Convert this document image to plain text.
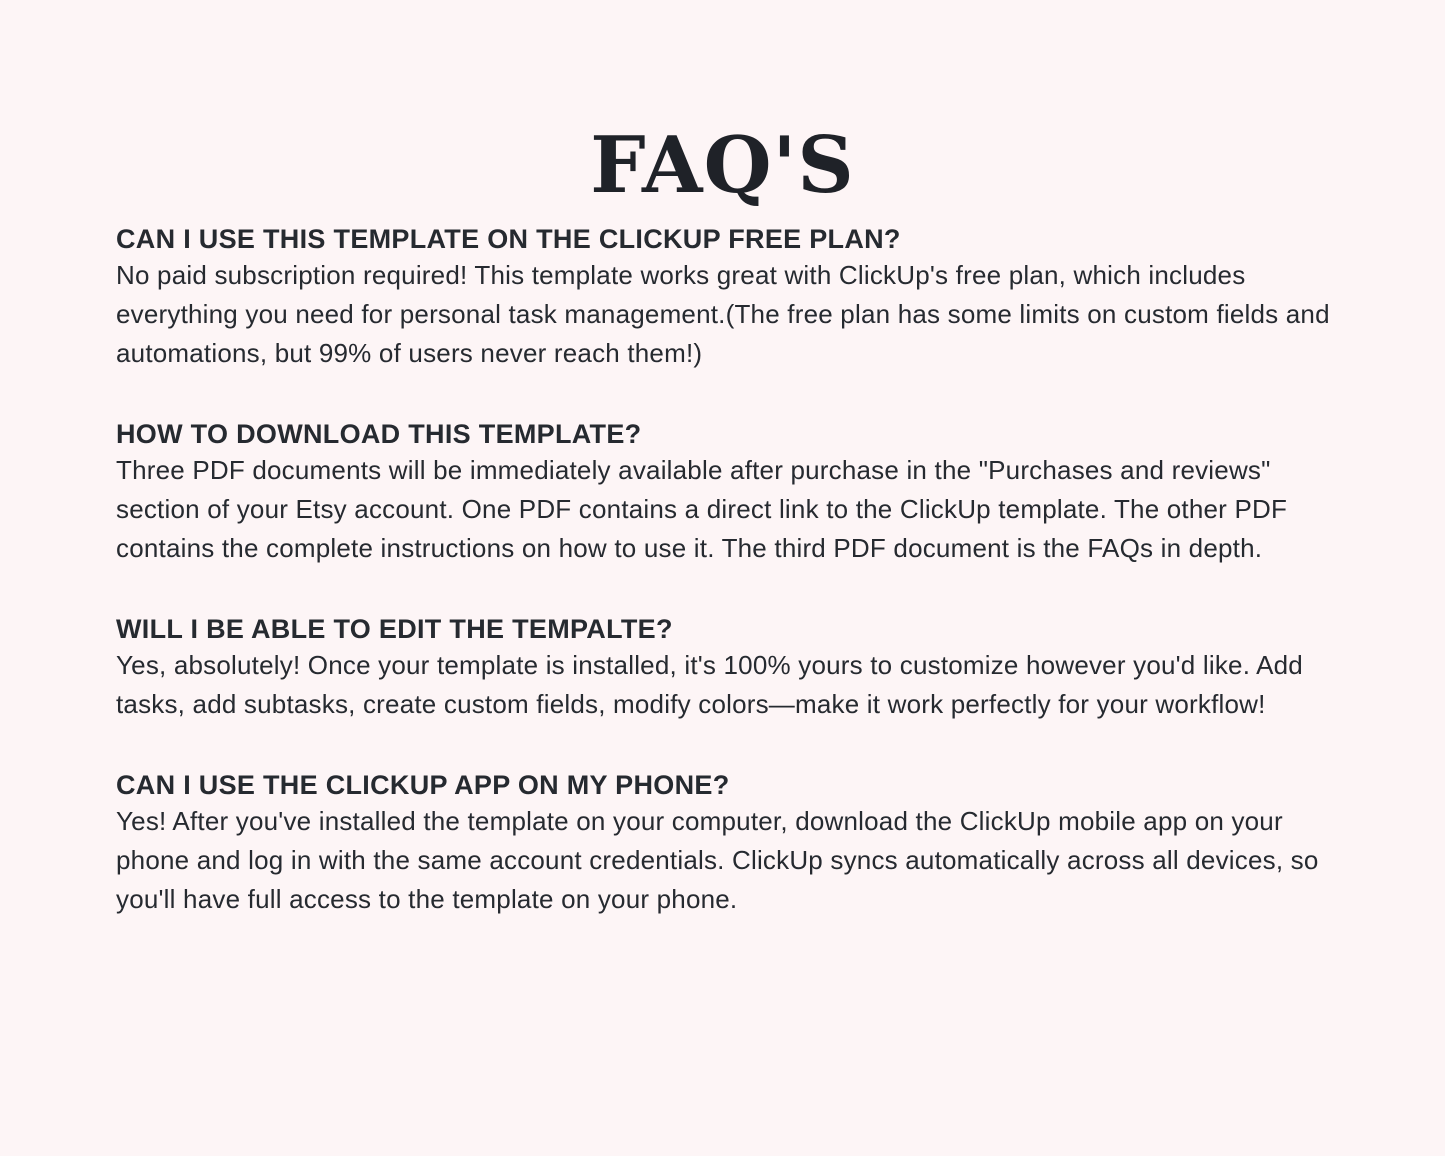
FAQ'S
CAN I USE THIS TEMPLATE ON THE CLICKUP FREE PLAN?
No paid subscription required! This template works great with ClickUp's free plan, which includes everything you need for personal task management.(The free plan has some limits on custom fields and automations, but 99% of users never reach them!)
HOW TO DOWNLOAD THIS TEMPLATE?
Three PDF documents will be immediately available after purchase in the "Purchases and reviews" section of your Etsy account. One PDF contains a direct link to the ClickUp template. The other PDF contains the complete instructions on how to use it. The third PDF document is the FAQs in depth.
WILL I BE ABLE TO EDIT THE TEMPALTE?
Yes, absolutely! Once your template is installed, it's 100% yours to customize however you'd like. Add tasks, add subtasks, create custom fields, modify colors—make it work perfectly for your workflow!
CAN I USE THE CLICKUP APP ON MY PHONE?
Yes! After you've installed the template on your computer, download the ClickUp mobile app on your phone and log in with the same account credentials. ClickUp syncs automatically across all devices, so you'll have full access to the template on your phone.
